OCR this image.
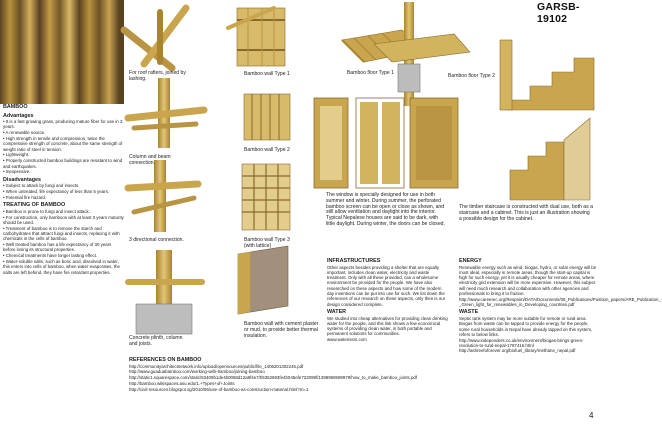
GARSB-19102
BAMBOO
Advantages

• It is a fast growing grass, producing mature fiber for use in 3 years.

• A renewable source.

• High strength in tensile and compression, twice the compressive strength of concrete, about the same strength of weight ratio of steel in tension.

• Lightweight.

• Properly constructed bamboo buildings are resistant to wind and earthquakes.

• Inexpensive.

Disadvantages

• Subject to attack by fungi and insects.

• When untreated, life expectancy of less than 5 years.

• Potential fire hazard.

TREATING OF BAMBOO

• Bamboo is prone to fungi and insect attack.

• For construction, only bamboos with at least 3 years maturity should be used.

• Treatment of bamboo is to remove the starch and carbohydrates that attract fungi and insects, replacing it with chemicals in the cells of bamboo.

• Well treated bamboo has a life expectancy of 30 years before losing its structural properties.

• Chemical treatments have longer lasting effect.

• Water-soluble salts, such as boric acid, dissolved in water, this enters into cells of bamboo, when water evaporates, the salts are left behind, they have fire retardant properties.

For roof rafters, joined by lashing.
Bamboo wall Type 1	Bamboo floor Type 1	Bamboo floor Type 2
Column and beam connection.
Bamboo wall Type 2
3 directional connection.	Bamboo wall Type 3 (with lattice)
Concrete plinth, column and joists.
Bamboo wall with cement plaster or mud, to provide better thermal insulation.
The window is specially designed for use in both summer and winter. During summer, the perforated bamboo screen can be open or close as shown, and still allow ventilation and daylight into the interior. Typical Nepalese houses are said to be dark, with little daylight. During winter, the doors can be closed.
The timber staircase is constructed with dual use, both as a staircase and a cabinet. This is just an illustration showing a possible design for the cabinet.
REFERENCES ON BAMBOO

http://communityarchitectnetwork.info/upload/opensources/public/file_1406201302245.pdf

http://www.guaduabamboo.com/working-with-bamboo/joining-bamboo

http://static1.squarespace.com/static/53409b1de4b0058d12a8f4e7/t/5362693fe4b045efe722099f/1398958599979/how_to_make_bamboo_joints.pdf

http://bamboo.wikispaces.asu.edu/1.+Types+of+Joints

http://civil-resources.blogspot.sg/2010/06/use-of-bamboo-as-construction-material.html?m=1

INFRASTRUCTURES

Other aspects besides providing a shelter that are equally important, includes clean water, electricity and waste treatment. Only with all these provided, can a wholesome environment be provided for the people. We have also researched on these aspects and how some of the modern day inventions can be put into use for such. We list down the references of our research on these aspects, only then is our design considered complete.

WATER

We studied into cheap alternatives for providing clean drinking water for the people, and this link shows a few economical systems of providing clean water, in both portable and permanent solutions for communities.

www.waterissm.com

ENERGY

Renewable energy such as wind, biogas, hydro, or solar energy will be most ideal, especially in remote areas, though the start-up capital is high for such energy, yet it is usually cheaper for remote areas, where electricity grid extension will be more expensive. However, this subject will need much research and collaboration with other agencies and professionals to bring it to fruition.

http://www.careerec.org/Respnim/DATA/Documents/06_Publications/Position_papers/ARE_Publication_-_Green_light_for_renewables_in_Developing_countries.pdf

WASTE

Septic tank system may be more suitable for remote or rural area. Biogas from waste can be tapped to provide energy for the people, some rural households in Nepal have already tapped on this system, refers to below links.

http://www.independent.co.uk/environment/biogas-brings-green-revolution-to-rural-nepal-1797416.html http://ashreefoforever.org/biofuel_library/methane_nepal.pdf

4
